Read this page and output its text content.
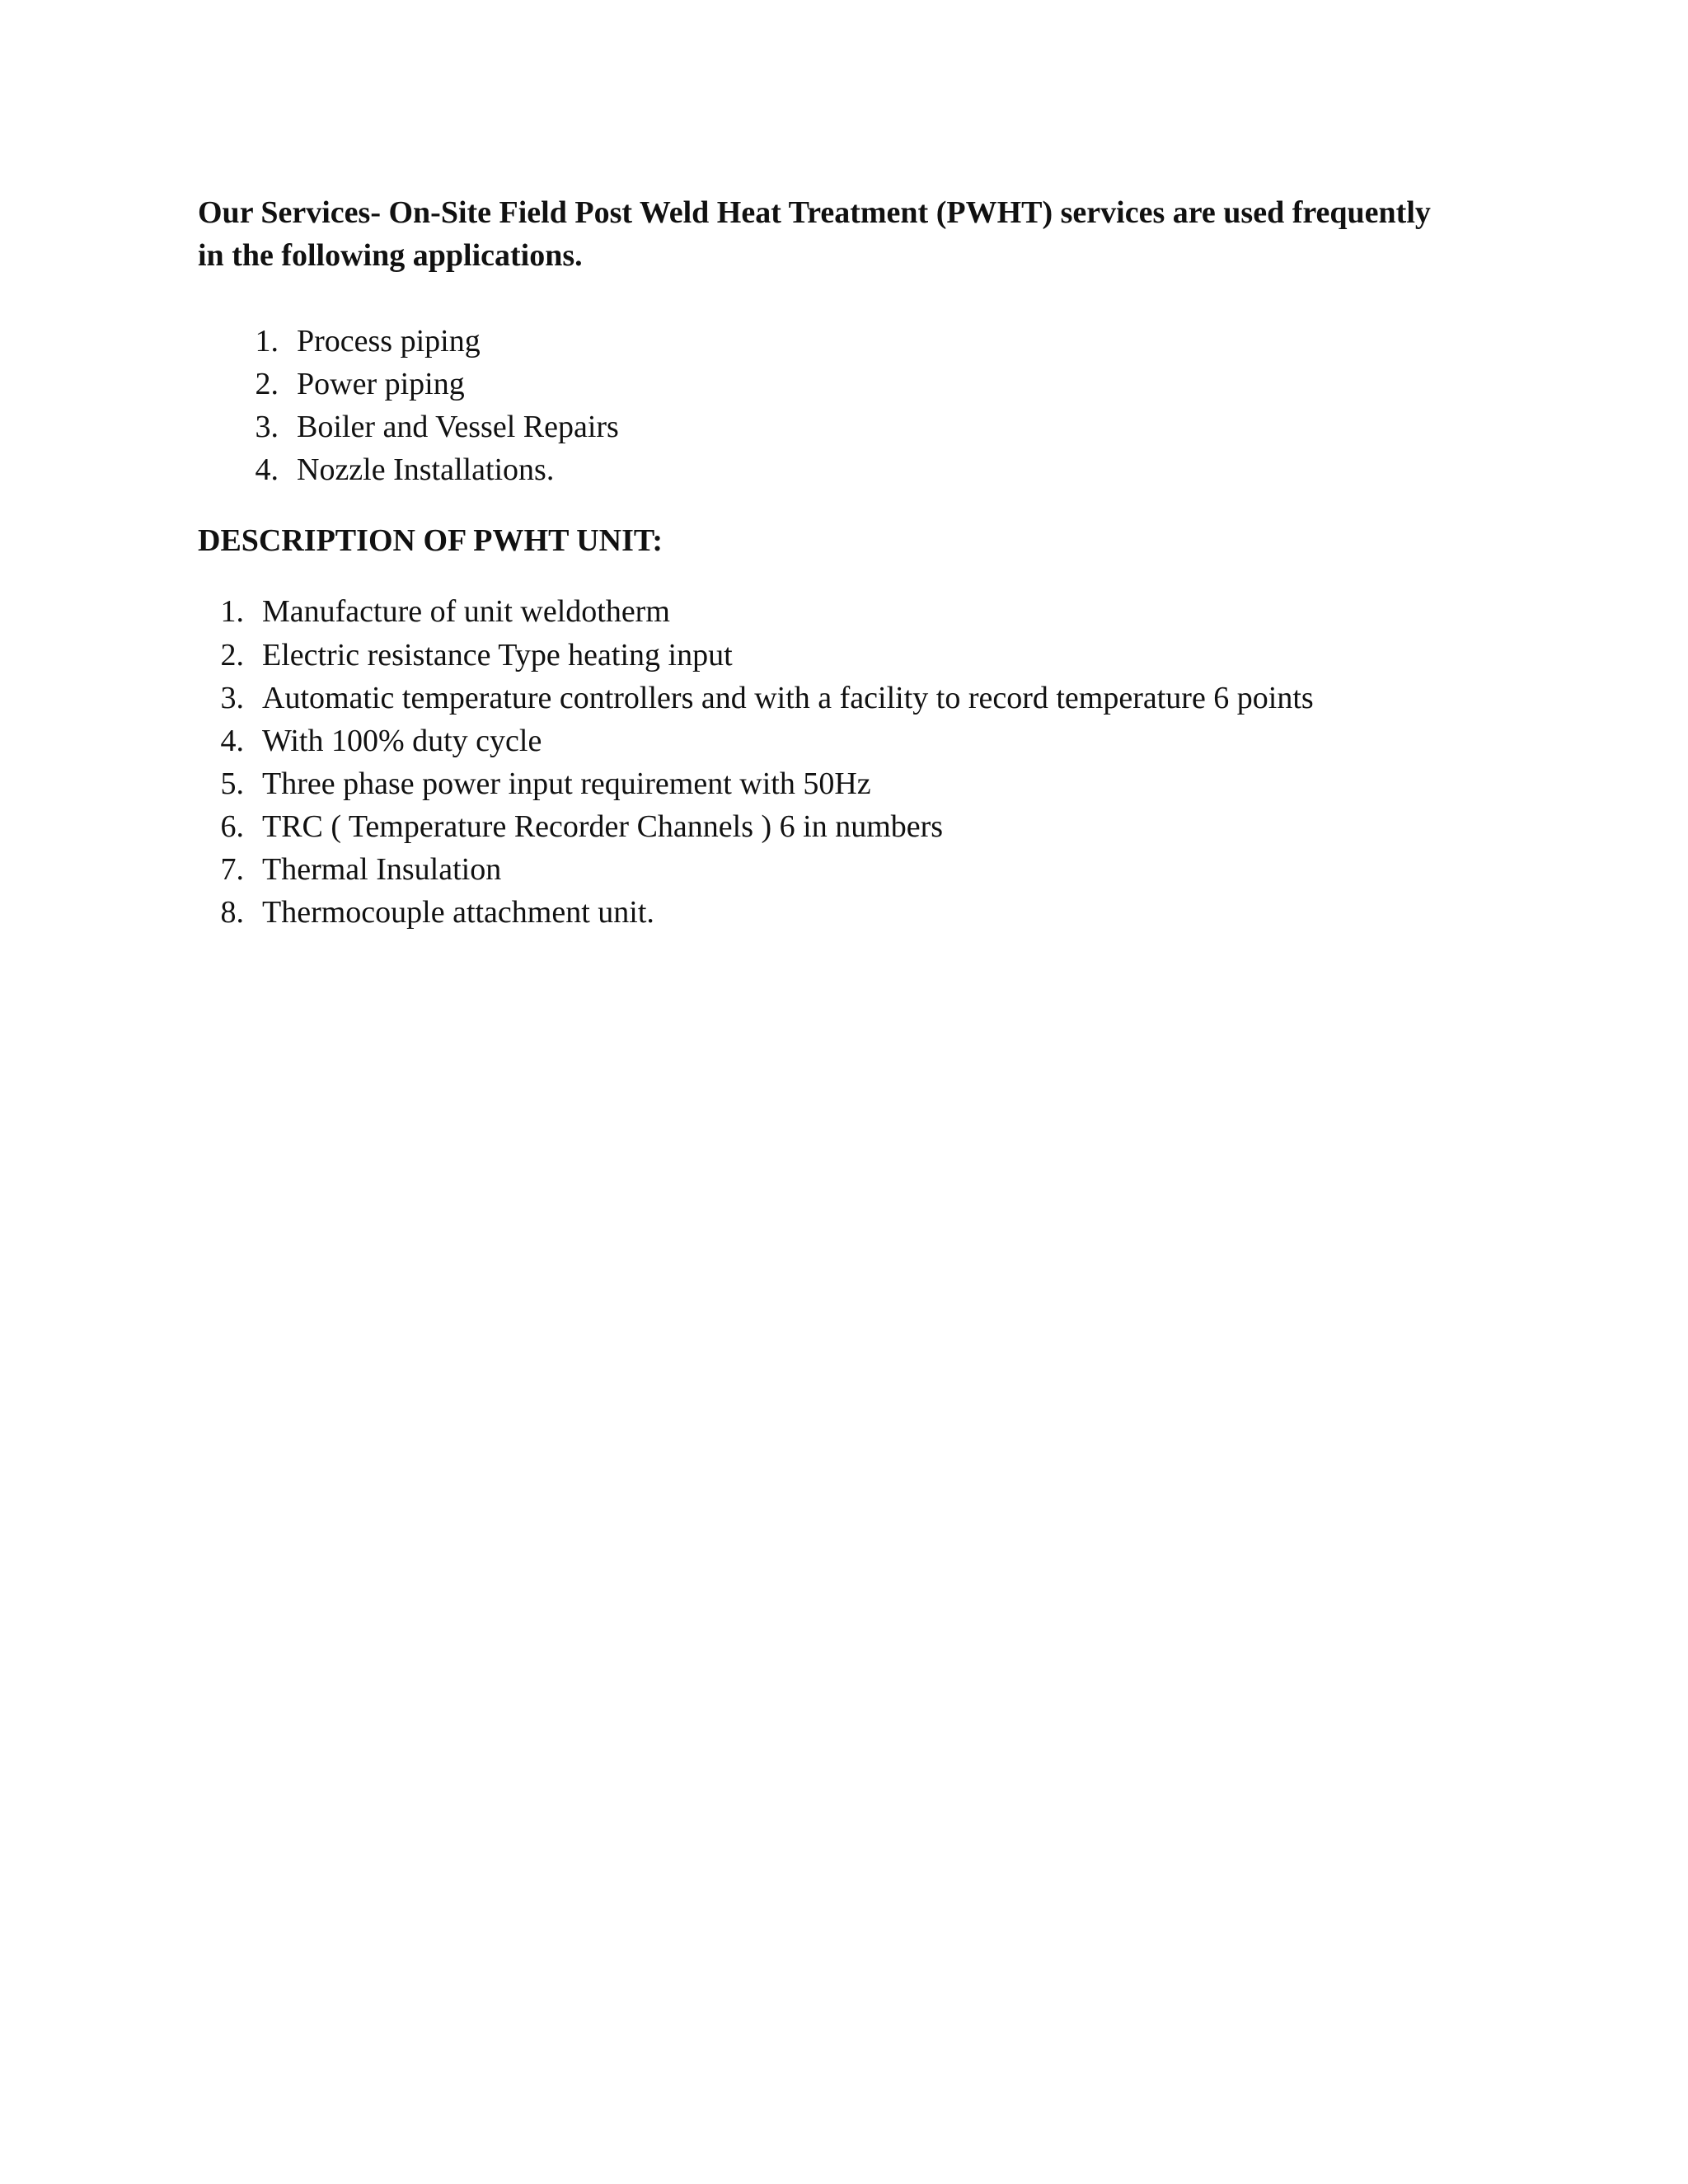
Our Services- On-Site Field Post Weld Heat Treatment (PWHT) services are used frequently in the following applications.

1. Process piping
2. Power piping
3. Boiler and Vessel Repairs
4. Nozzle Installations.
DESCRIPTION OF PWHT UNIT:
1. Manufacture of unit weldotherm
2. Electric resistance Type heating input
3. Automatic temperature controllers and with a facility to record temperature 6 points
4. With 100% duty cycle
5. Three phase power input requirement with 50Hz
6. TRC ( Temperature Recorder Channels ) 6 in numbers
7. Thermal Insulation
8. Thermocouple attachment unit.
